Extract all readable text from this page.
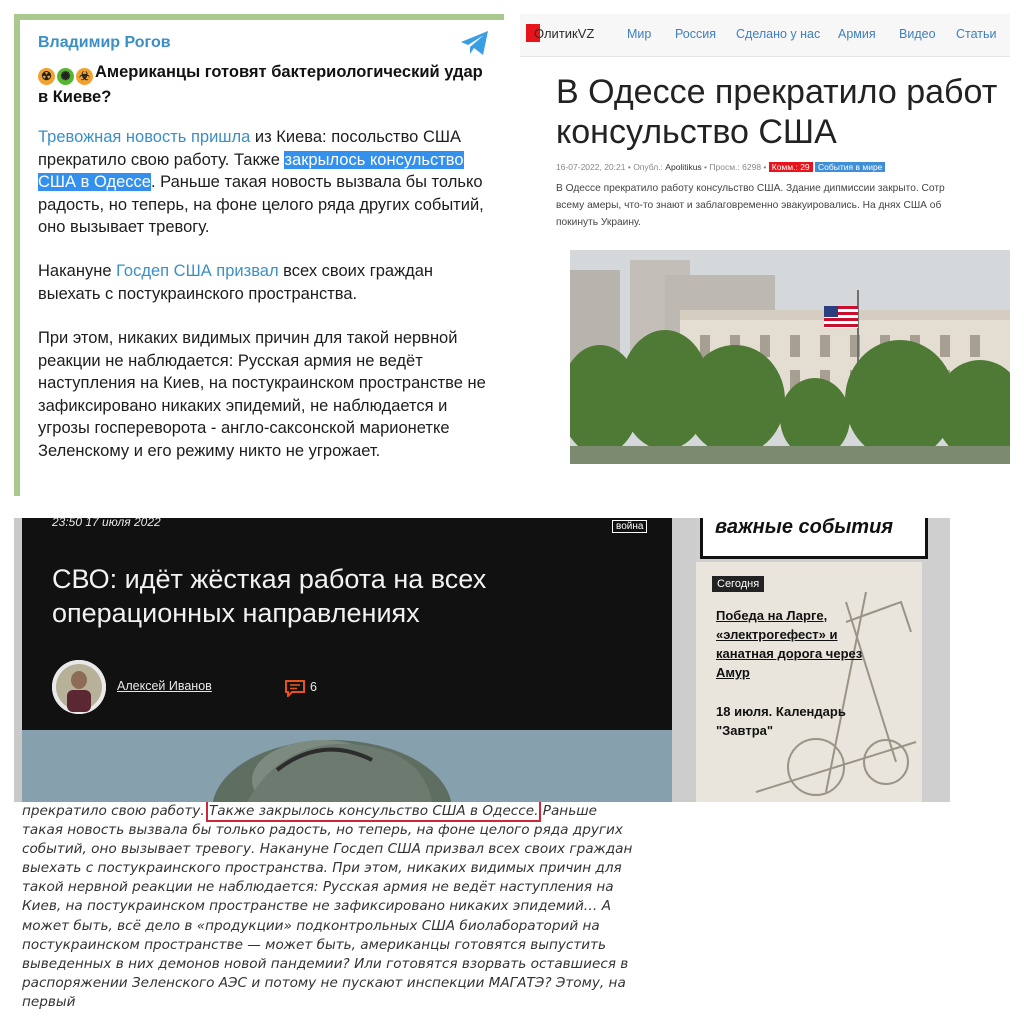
Владимир Рогов
☢ ✺ ☣ Американцы готовят бактериологический удар в Киеве?
Тревожная новость пришла из Киева: посольство США прекратило свою работу. Также закрылось консульство США в Одессе. Раньше такая новость вызвала бы только радость, но теперь, на фоне целого ряда других событий, оно вызывает тревогу.
Накануне Госдеп США призвал всех своих граждан выехать с постукраинского пространства.
При этом, никаких видимых причин для такой нервной реакции не наблюдается: Русская армия не ведёт наступления на Киев, на постукраинском пространстве не зафиксировано никаких эпидемий, не наблюдается и угрозы госпереворота - англо-саксонской марионетке Зеленскому и его режиму никто не угрожает.
ОлитикVZ	Мир Россия Сделано у нас Армия Видео Статьи
В Одессе прекратило работ
консульство США
16-07-2022, 20:21 • Опубл.: Apolitikus • Просм.: 6298 • Комм.: 29 События в мире
В Одессе прекратило работу консульство США. Здание дипмиссии закрыто. Сотр
всему амеры, что-то знают и заблаговременно эвакуировались. На днях США об
покинуть Украину.
23:50 17 июля 2022	война
СВО: идёт жёсткая работа на всех операционных направлениях
Алексей Иванов	6
важные события
Сегодня
Победа на Ларге, «электрогефест» и канатная дорога через Амур
18 июля. Календарь "Завтра"

прекратило свою работу. Также закрылось консульство США в Одессе. Раньше такая новость вызвала бы только радость, но теперь, на фоне целого ряда других событий, оно вызывает тревогу. Накануне Госдеп США призвал всех своих граждан выехать с постукраинского пространства. При этом, никаких видимых причин для такой нервной реакции не наблюдается: Русская армия не ведёт наступления на Киев, на постукраинском пространстве не зафиксировано никаких эпидемий… А может быть, всё дело в «продукции» подконтрольных США биолабораторий на постукраинском пространстве — может быть, американцы готовятся выпустить выведенных в них демонов новой пандемии? Или готовятся взорвать оставшиеся в распоряжении Зеленского АЭС и потому не пускают инспекции МАГАТЭ? Этому, на первый
